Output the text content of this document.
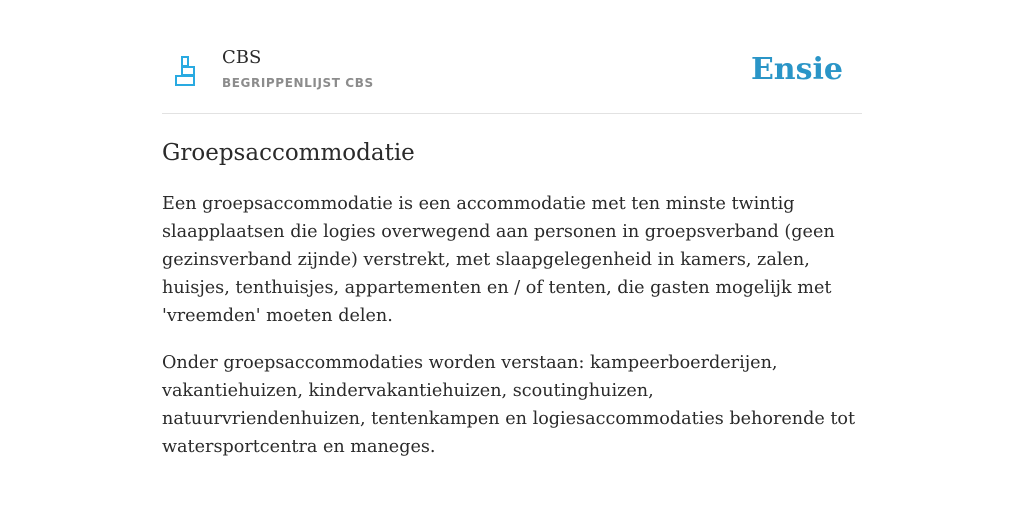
CBS
BEGRIPPENLIJST CBS	Ensie
Groepsaccommodatie

Een groepsaccommodatie is een accommodatie met ten minste twintig slaapplaatsen die logies overwegend aan personen in groepsverband (geen gezinsverband zijnde) verstrekt, met slaapgelegenheid in kamers, zalen, huisjes, tenthuisjes, appartementen en / of tenten, die gasten mogelijk met 'vreemden' moeten delen.

Onder groepsaccommodaties worden verstaan: kampeerboerderijen, vakantiehuizen, kindervakantiehuizen, scoutinghuizen, natuurvriendenhuizen, tentenkampen en logiesaccommodaties behorende tot watersportcentra en maneges.
